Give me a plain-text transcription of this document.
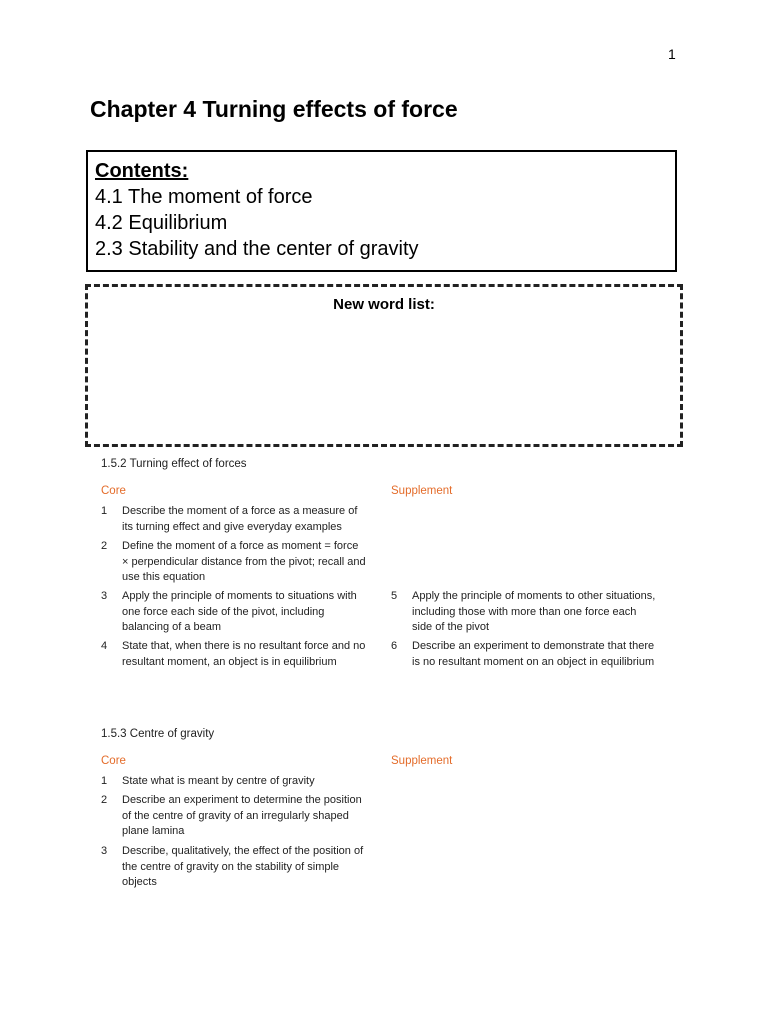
1
Chapter 4 Turning effects of force
Contents:
4.1 The moment of force
4.2 Equilibrium
2.3 Stability and the center of gravity
New word list:
1.5.2 Turning effect of forces
Core	Supplement
1 Describe the moment of a force as a measure of its turning effect and give everyday examples
2 Define the moment of a force as moment = force × perpendicular distance from the pivot; recall and use this equation
3 Apply the principle of moments to situations with one force each side of the pivot, including balancing of a beam
4 State that, when there is no resultant force and no resultant moment, an object is in equilibrium
5 Apply the principle of moments to other situations, including those with more than one force each side of the pivot
6 Describe an experiment to demonstrate that there is no resultant moment on an object in equilibrium
1.5.3 Centre of gravity
Core	Supplement
1 State what is meant by centre of gravity
2 Describe an experiment to determine the position of the centre of gravity of an irregularly shaped plane lamina
3 Describe, qualitatively, the effect of the position of the centre of gravity on the stability of simple objects
